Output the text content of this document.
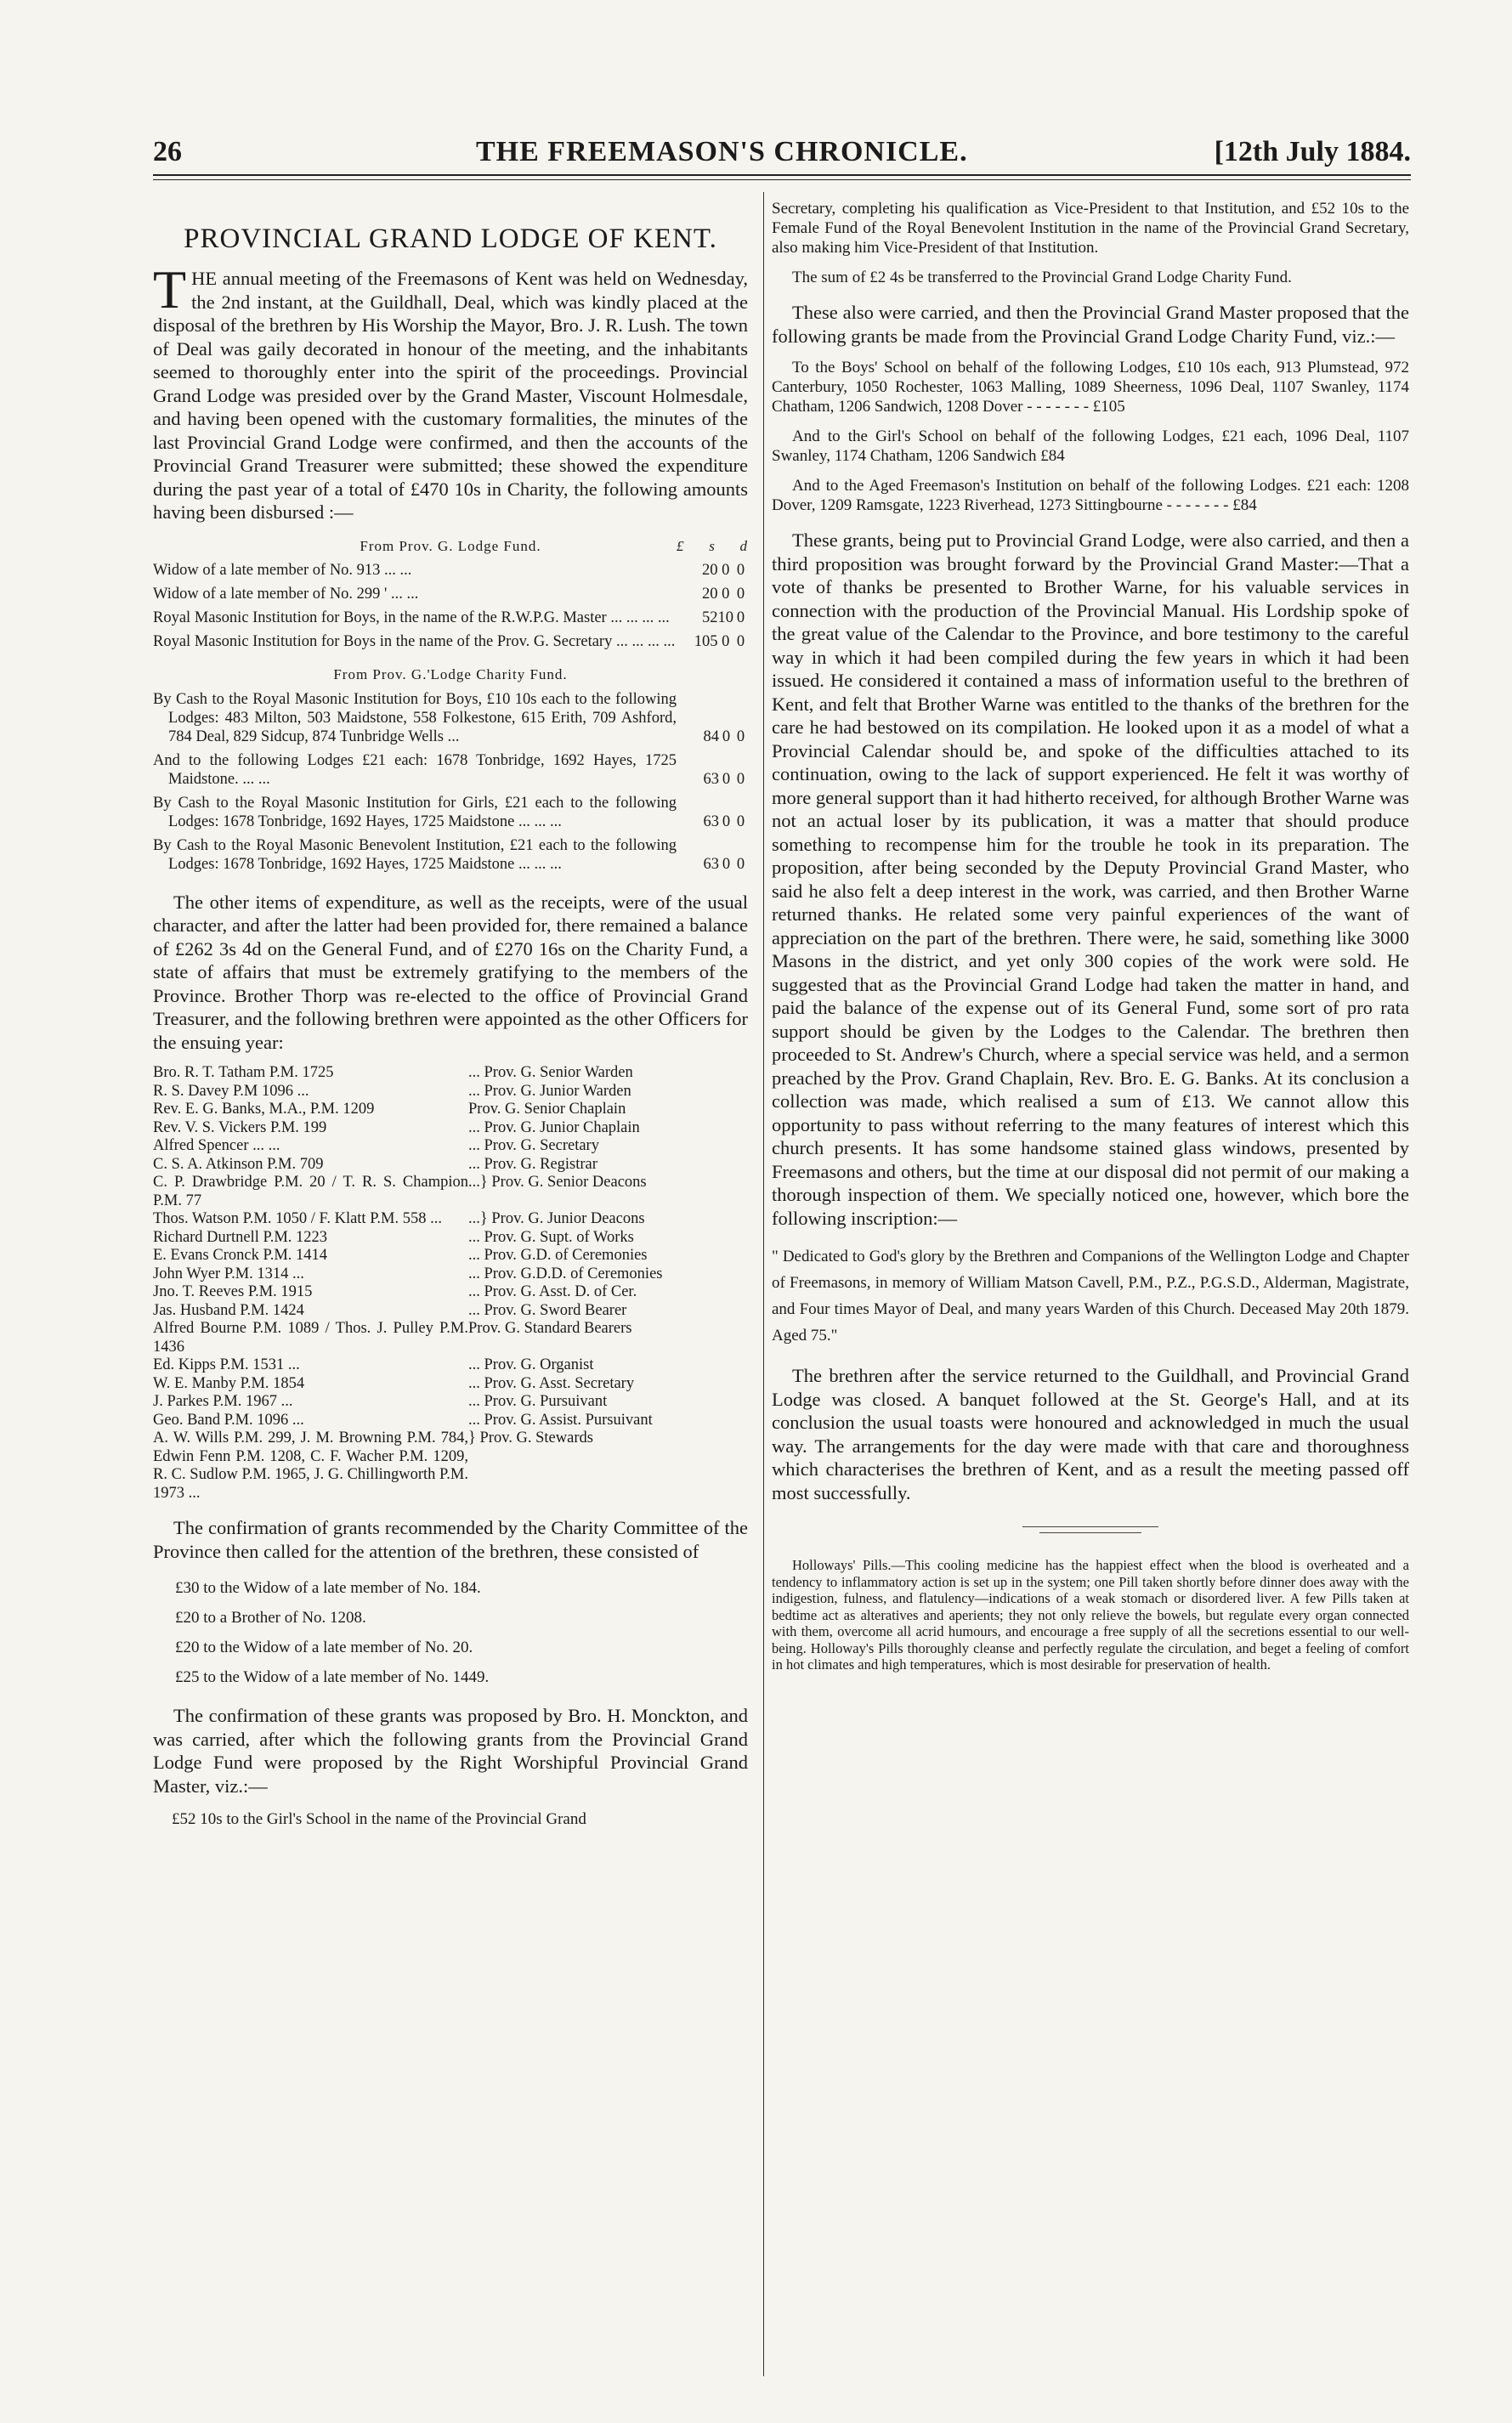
26	THE FREEMASON'S CHRONICLE.	[12th July 1884.
PROVINCIAL GRAND LODGE OF KENT.

THE annual meeting of the Freemasons of Kent was held on Wednesday, the 2nd instant, at the Guildhall, Deal, which was kindly placed at the disposal of the brethren by His Worship the Mayor, Bro. J. R. Lush. The town of Deal was gaily decorated in honour of the meeting, and the inhabitants seemed to thoroughly enter into the spirit of the proceedings. Provincial Grand Lodge was presided over by the Grand Master, Viscount Holmesdale, and having been opened with the customary formalities, the minutes of the last Provincial Grand Lodge were confirmed, and then the accounts of the Provincial Grand Treasurer were submitted; these showed the expenditure during the past year of a total of £470 10s in Charity, the following amounts having been disbursed :—

From Prov. G. Lodge Fund.	£ s d
Widow of a late member of No. 913 ... ...	20	0	0
Widow of a late member of No. 299 ' ... ...	20	0	0
Royal Masonic Institution for Boys, in the name of the R.W.P.G. Master ... ... ... ...	52	10	0
Royal Masonic Institution for Boys in the name of the Prov. G. Secretary ... ... ... ...	105	0	0
From Prov. G.'Lodge Charity Fund.
By Cash to the Royal Masonic Institution for Boys, £10 10s each to the following Lodges: 483 Milton, 503 Maidstone, 558 Folkestone, 615 Erith, 709 Ashford, 784 Deal, 829 Sidcup, 874 Tunbridge Wells ...	84	0	0
And to the following Lodges £21 each: 1678 Tonbridge, 1692 Hayes, 1725 Maidstone. ... ...	63	0	0
By Cash to the Royal Masonic Institution for Girls, £21 each to the following Lodges: 1678 Tonbridge, 1692 Hayes, 1725 Maidstone ... ... ...	63	0	0
By Cash to the Royal Masonic Benevolent Institution, £21 each to the following Lodges: 1678 Tonbridge, 1692 Hayes, 1725 Maidstone ... ... ...	63	0	0

The other items of expenditure, as well as the receipts, were of the usual character, and after the latter had been provided for, there remained a balance of £262 3s 4d on the General Fund, and of £270 16s on the Charity Fund, a state of affairs that must be extremely gratifying to the members of the Province. Brother Thorp was re-elected to the office of Provincial Grand Treasurer, and the following brethren were appointed as the other Officers for the ensuing year:

Bro. R. T. Tatham P.M. 1725	... Prov. G. Senior Warden
R. S. Davey P.M 1096 ...	... Prov. G. Junior Warden
Rev. E. G. Banks, M.A., P.M. 1209	Prov. G. Senior Chaplain
Rev. V. S. Vickers P.M. 199	... Prov. G. Junior Chaplain
Alfred Spencer ... ...	... Prov. G. Secretary
C. S. A. Atkinson P.M. 709	... Prov. G. Registrar
C. P. Drawbridge P.M. 20 / T. R. S. Champion P.M. 77	...} Prov. G. Senior Deacons
Thos. Watson P.M. 1050 / F. Klatt P.M. 558 ...	...} Prov. G. Junior Deacons
Richard Durtnell P.M. 1223	... Prov. G. Supt. of Works
E. Evans Cronck P.M. 1414	... Prov. G.D. of Ceremonies
John Wyer P.M. 1314 ...	... Prov. G.D.D. of Ceremonies
Jno. T. Reeves P.M. 1915	... Prov. G. Asst. D. of Cer.
Jas. Husband P.M. 1424	... Prov. G. Sword Bearer
Alfred Bourne P.M. 1089 / Thos. J. Pulley P.M. 1436	Prov. G. Standard Bearers
Ed. Kipps P.M. 1531 ...	... Prov. G. Organist
W. E. Manby P.M. 1854	... Prov. G. Asst. Secretary
J. Parkes P.M. 1967 ...	... Prov. G. Pursuivant
Geo. Band P.M. 1096 ...	... Prov. G. Assist. Pursuivant
A. W. Wills P.M. 299, J. M. Browning P.M. 784, Edwin Fenn P.M. 1208, C. F. Wacher P.M. 1209, R. C. Sudlow P.M. 1965, J. G. Chillingworth P.M. 1973 ...	} Prov. G. Stewards

The confirmation of grants recommended by the Charity Committee of the Province then called for the attention of the brethren, these consisted of

£30 to the Widow of a late member of No. 184.
£20 to a Brother of No. 1208.
£20 to the Widow of a late member of No. 20.
£25 to the Widow of a late member of No. 1449.

The confirmation of these grants was proposed by Bro. H. Monckton, and was carried, after which the following grants from the Provincial Grand Lodge Fund were proposed by the Right Worshipful Provincial Grand Master, viz.:—

£52 10s to the Girl's School in the name of the Provincial Grand

Secretary, completing his qualification as Vice-President to that Institution, and £52 10s to the Female Fund of the Royal Benevolent Institution in the name of the Provincial Grand Secretary, also making him Vice-President of that Institution.

The sum of £2 4s be transferred to the Provincial Grand Lodge Charity Fund.

These also were carried, and then the Provincial Grand Master proposed that the following grants be made from the Provincial Grand Lodge Charity Fund, viz.:—

To the Boys' School on behalf of the following Lodges, £10 10s each, 913 Plumstead, 972 Canterbury, 1050 Rochester, 1063 Malling, 1089 Sheerness, 1096 Deal, 1107 Swanley, 1174 Chatham, 1206 Sandwich, 1208 Dover - - - - - - - £105

And to the Girl's School on behalf of the following Lodges, £21 each, 1096 Deal, 1107 Swanley, 1174 Chatham, 1206 Sandwich £84

And to the Aged Freemason's Institution on behalf of the following Lodges. £21 each: 1208 Dover, 1209 Ramsgate, 1223 Riverhead, 1273 Sittingbourne - - - - - - - £84

These grants, being put to Provincial Grand Lodge, were also carried, and then a third proposition was brought forward by the Provincial Grand Master:—That a vote of thanks be presented to Brother Warne, for his valuable services in connection with the production of the Provincial Manual. His Lordship spoke of the great value of the Calendar to the Province, and bore testimony to the careful way in which it had been compiled during the few years in which it had been issued. He considered it contained a mass of information useful to the brethren of Kent, and felt that Brother Warne was entitled to the thanks of the brethren for the care he had bestowed on its compilation. He looked upon it as a model of what a Provincial Calendar should be, and spoke of the difficulties attached to its continuation, owing to the lack of support experienced. He felt it was worthy of more general support than it had hitherto received, for although Brother Warne was not an actual loser by its publication, it was a matter that should produce something to recompense him for the trouble he took in its preparation. The proposition, after being seconded by the Deputy Provincial Grand Master, who said he also felt a deep interest in the work, was carried, and then Brother Warne returned thanks. He related some very painful experiences of the want of appreciation on the part of the brethren. There were, he said, something like 3000 Masons in the district, and yet only 300 copies of the work were sold. He suggested that as the Provincial Grand Lodge had taken the matter in hand, and paid the balance of the expense out of its General Fund, some sort of pro rata support should be given by the Lodges to the Calendar. The brethren then proceeded to St. Andrew's Church, where a special service was held, and a sermon preached by the Prov. Grand Chaplain, Rev. Bro. E. G. Banks. At its conclusion a collection was made, which realised a sum of £13. We cannot allow this opportunity to pass without referring to the many features of interest which this church presents. It has some handsome stained glass windows, presented by Freemasons and others, but the time at our disposal did not permit of our making a thorough inspection of them. We specially noticed one, however, which bore the following inscription:—

" Dedicated to God's glory by the Brethren and Companions of the Wellington Lodge and Chapter of Freemasons, in memory of William Matson Cavell, P.M., P.Z., P.G.S.D., Alderman, Magistrate, and Four times Mayor of Deal, and many years Warden of this Church. Deceased May 20th 1879. Aged 75."

The brethren after the service returned to the Guildhall, and Provincial Grand Lodge was closed. A banquet followed at the St. George's Hall, and at its conclusion the usual toasts were honoured and acknowledged in much the usual way. The arrangements for the day were made with that care and thoroughness which characterises the brethren of Kent, and as a result the meeting passed off most successfully.

Holloways' Pills.—This cooling medicine has the happiest effect when the blood is overheated and a tendency to inflammatory action is set up in the system; one Pill taken shortly before dinner does away with the indigestion, fulness, and flatulency—indications of a weak stomach or disordered liver. A few Pills taken at bedtime act as alteratives and aperients; they not only relieve the bowels, but regulate every organ connected with them, overcome all acrid humours, and encourage a free supply of all the secretions essential to our well-being. Holloway's Pills thoroughly cleanse and perfectly regulate the circulation, and beget a feeling of comfort in hot climates and high temperatures, which is most desirable for preservation of health.
